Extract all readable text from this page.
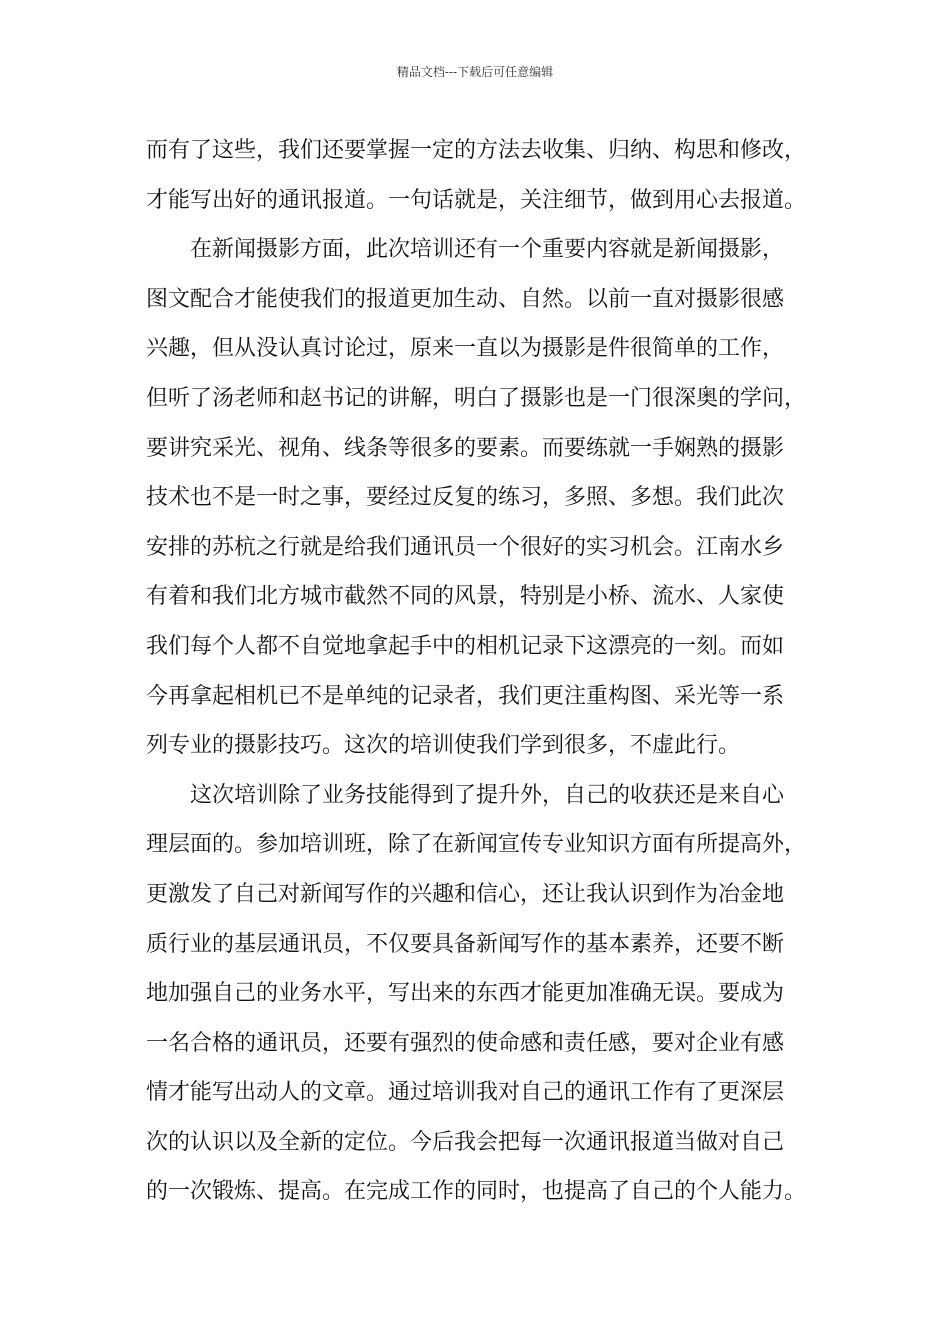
精品文档---下载后可任意编辑
而有了这些，我们还要掌握一定的方法去收集、归纳、构思和修改，
才能写出好的通讯报道。一句话就是，关注细节，做到用心去报道。
在新闻摄影方面，此次培训还有一个重要内容就是新闻摄影，
图文配合才能使我们的报道更加生动、自然。以前一直对摄影很感
兴趣，但从没认真讨论过，原来一直以为摄影是件很简单的工作，
但听了汤老师和赵书记的讲解，明白了摄影也是一门很深奥的学问，
要讲究采光、视角、线条等很多的要素。而要练就一手娴熟的摄影
技术也不是一时之事，要经过反复的练习，多照、多想。我们此次
安排的苏杭之行就是给我们通讯员一个很好的实习机会。江南水乡
有着和我们北方城市截然不同的风景，特别是小桥、流水、人家使
我们每个人都不自觉地拿起手中的相机记录下这漂亮的一刻。而如
今再拿起相机已不是单纯的记录者，我们更注重构图、采光等一系
列专业的摄影技巧。这次的培训使我们学到很多，不虚此行。
这次培训除了业务技能得到了提升外，自己的收获还是来自心
理层面的。参加培训班，除了在新闻宣传专业知识方面有所提高外，
更激发了自己对新闻写作的兴趣和信心，还让我认识到作为冶金地
质行业的基层通讯员，不仅要具备新闻写作的基本素养，还要不断
地加强自己的业务水平，写出来的东西才能更加准确无误。要成为
一名合格的通讯员，还要有强烈的使命感和责任感，要对企业有感
情才能写出动人的文章。通过培训我对自己的通讯工作有了更深层
次的认识以及全新的定位。今后我会把每一次通讯报道当做对自己
的一次锻炼、提高。在完成工作的同时，也提高了自己的个人能力。
